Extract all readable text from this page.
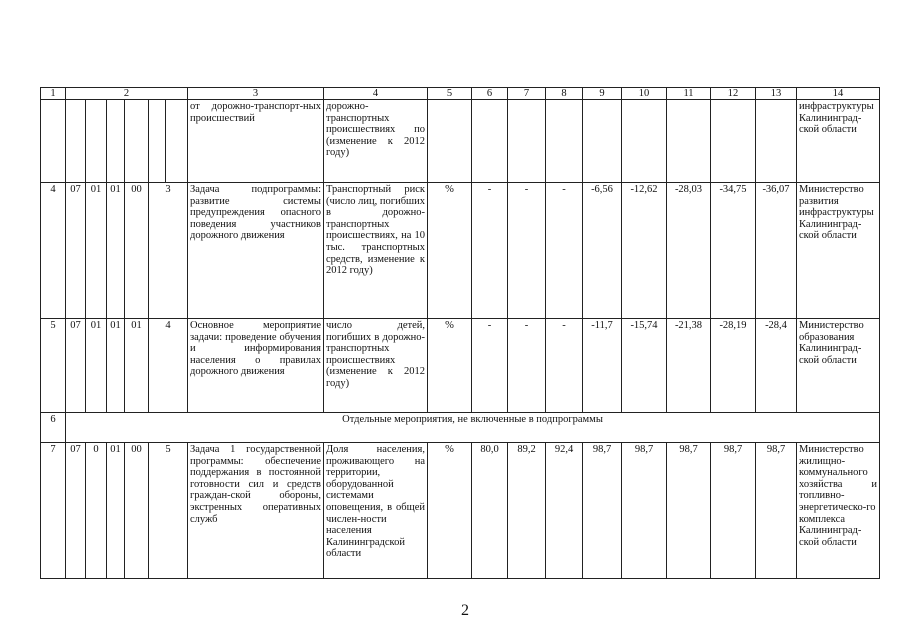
1	2						3	4	5	6	7	8	9	10	11	12	13	14
							от дорожно-транспорт-ных происшествий	дорожно-транспортных происшествиях по (изменение к 2012 году)										инфраструктуры Калининград-ской области
4	07	01	01	00	3		Задача подпрограммы: развитие системы предупреждения опасного поведения участников дорожного движения	Транспортный риск (число лиц, погибших в дорожно-транспортных происшествиях, на 10 тыс. транспортных средств, изменение к 2012 году)	%	-	-	-	-6,56	-12,62	-28,03	-34,75	-36,07	Министерство развития инфраструктуры Калининград-ской области
5	07	01	01	01	4		Основное мероприятие задачи: проведение обучения и информирования населения о правилах дорожного движения	число детей, погибших в дорожно-транспортных происшествиях (изменение к 2012 году)	%	-	-	-	-11,7	-15,74	-21,38	-28,19	-28,4	Министерство образования Калининград-ской области
6	Отдельные мероприятия, не включенные в подпрограммы																	
7	07	0	01	00	5		Задача 1 государственной программы: обеспечение поддержания в постоянной готовности сил и средств граждан-ской обороны, экстренных оперативных служб	Доля населения, проживающего на территории, оборудованной системами оповещения, в общей числен-ности населения Калининградской области	%	80,0	89,2	92,4	98,7	98,7	98,7	98,7	98,7	Министерство жилищно-коммунального хозяйства и топливно-энергетическо-го комплекса Калининград-ской области
2
